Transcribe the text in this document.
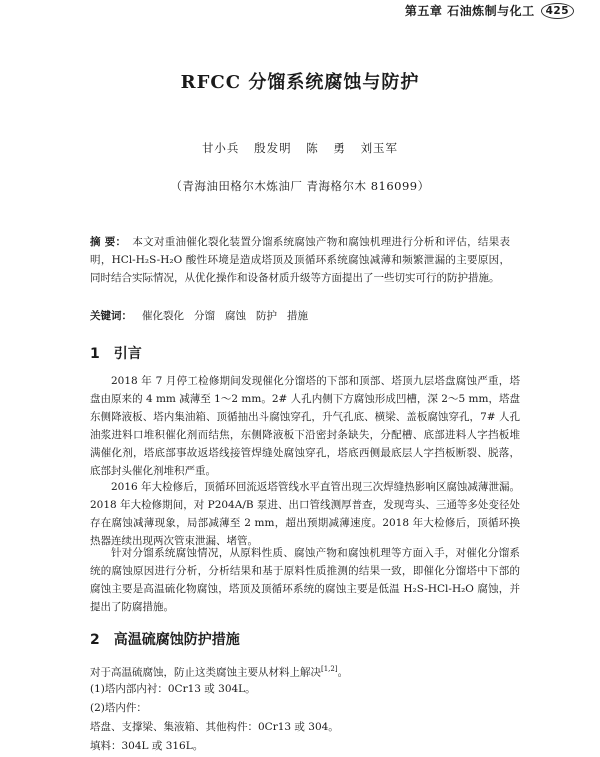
第五章 石油炼制与化工	425
RFCC 分馏系统腐蚀与防护
甘小兵 殷发明 陈 勇 刘玉军
（青海油田格尔木炼油厂 青海格尔木 816099）

摘 要： 本文对重油催化裂化装置分馏系统腐蚀产物和腐蚀机理进行分析和评估，结果表明，HCl-H₂S-H₂O 酸性环境是造成塔顶及顶循环系统腐蚀减薄和频繁泄漏的主要原因，同时结合实际情况，从优化操作和设备材质升级等方面提出了一些切实可行的防护措施。

关键词： 催化裂化 分馏 腐蚀 防护 措施

1 引言

2018 年 7 月停工检修期间发现催化分馏塔的下部和顶部、塔顶九层塔盘腐蚀严重，塔盘由原来的 4 mm 减薄至 1～2 mm。2# 人孔内侧下方腐蚀形成凹槽，深 2～5 mm，塔盘东侧降液板、塔内集油箱、顶循抽出斗腐蚀穿孔，升气孔底、横梁、盖板腐蚀穿孔，7# 人孔油浆进料口堆积催化剂而结焦，东侧降液板下沿密封条缺失，分配槽、底部进料人字挡板堆满催化剂，塔底部事故返塔线接管焊缝处腐蚀穿孔，塔底西侧最底层人字挡板断裂、脱落，底部封头催化剂堆积严重。

2016 年大检修后，顶循环回流返塔管线水平直管出现三次焊缝热影响区腐蚀减薄泄漏。2018 年大检修期间，对 P204A/B 泵进、出口管线测厚普查，发现弯头、三通等多处变径处存在腐蚀减薄现象，局部减薄至 2 mm，超出预期减薄速度。2018 年大检修后，顶循环换热器连续出现两次管束泄漏、堵管。

针对分馏系统腐蚀情况，从原料性质、腐蚀产物和腐蚀机理等方面入手，对催化分馏系统的腐蚀原因进行分析，分析结果和基于原料性质推测的结果一致，即催化分馏塔中下部的腐蚀主要是高温硫化物腐蚀，塔顶及顶循环系统的腐蚀主要是低温 H₂S-HCl-H₂O 腐蚀，并提出了防腐措施。

2 高温硫腐蚀防护措施

对于高温硫腐蚀，防止这类腐蚀主要从材料上解决[1,2]。

(1)塔内部内衬：0Cr13 或 304L。

(2)塔内件：

塔盘、支撑梁、集液箱、其他构件：0Cr13 或 304。

填料：304L 或 316L。
